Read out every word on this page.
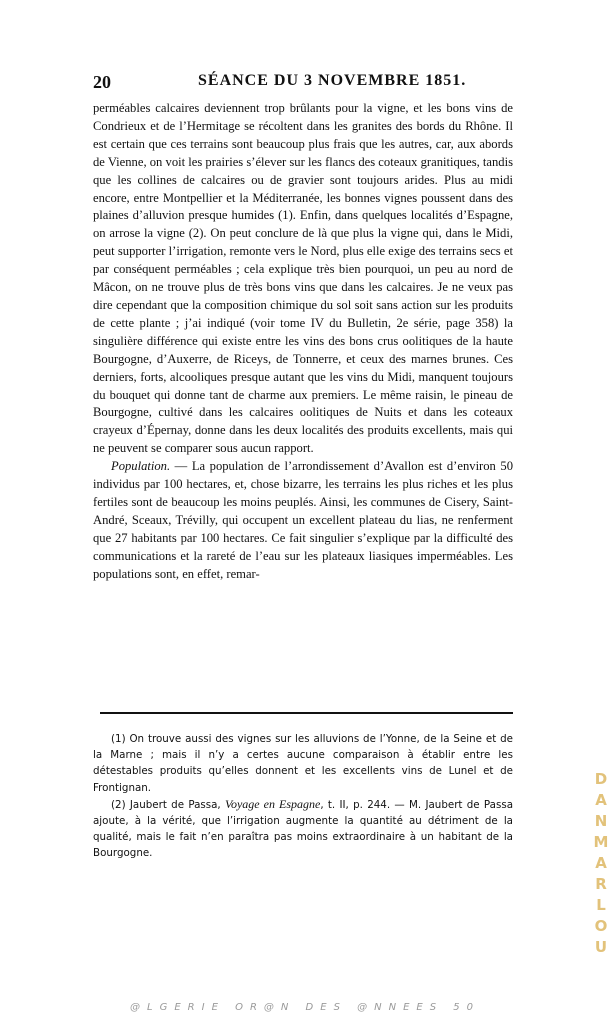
20	SÉANCE DU 3 NOVEMBRE 1851.

perméables calcaires deviennent trop brûlants pour la vigne, et les bons vins de Condrieux et de l’Hermitage se récoltent dans les granites des bords du Rhône. Il est certain que ces terrains sont beaucoup plus frais que les autres, car, aux abords de Vienne, on voit les prairies s’élever sur les flancs des coteaux granitiques, tandis que les collines de calcaires ou de gravier sont toujours arides. Plus au midi encore, entre Montpellier et la Méditerranée, les bonnes vignes poussent dans des plaines d’alluvion presque humides (1). Enfin, dans quelques localités d’Espagne, on arrose la vigne (2). On peut conclure de là que plus la vigne qui, dans le Midi, peut supporter l’irrigation, remonte vers le Nord, plus elle exige des terrains secs et par conséquent perméables ; cela explique très bien pourquoi, un peu au nord de Mâcon, on ne trouve plus de très bons vins que dans les calcaires. Je ne veux pas dire cependant que la composition chimique du sol soit sans action sur les produits de cette plante ; j’ai indiqué (voir tome IV du Bulletin, 2e série, page 358) la singulière différence qui existe entre les vins des bons crus oolitiques de la haute Bourgogne, d’Auxerre, de Riceys, de Tonnerre, et ceux des marnes brunes. Ces derniers, forts, alcooliques presque autant que les vins du Midi, manquent toujours du bouquet qui donne tant de charme aux premiers. Le même raisin, le pineau de Bourgogne, cultivé dans les calcaires oolitiques de Nuits et dans les coteaux crayeux d’Épernay, donne dans les deux localités des produits excellents, mais qui ne peuvent se comparer sous aucun rapport.

Population. — La population de l’arrondissement d’Avallon est d’environ 50 individus par 100 hectares, et, chose bizarre, les terrains les plus riches et les plus fertiles sont de beaucoup les moins peuplés. Ainsi, les communes de Cisery, Saint-André, Sceaux, Trévilly, qui occupent un excellent plateau du lias, ne renferment que 27 habitants par 100 hectares. Ce fait singulier s’explique par la difficulté des communications et la rareté de l’eau sur les plateaux liasiques imperméables. Les populations sont, en effet, remar-

(1) On trouve aussi des vignes sur les alluvions de l’Yonne, de la Seine et de la Marne ; mais il n’y a certes aucune comparaison à établir entre les détestables produits qu’elles donnent et les excellents vins de Lunel et de Frontignan.

(2) Jaubert de Passa, Voyage en Espagne, t. II, p. 244. — M. Jaubert de Passa ajoute, à la vérité, que l’irrigation augmente la quantité au détriment de la qualité, mais le fait n’en paraîtra pas moins extraordinaire à un habitant de la Bourgogne.	DANMARLOU
@LGERIE OR@N DES @NNEES 50
